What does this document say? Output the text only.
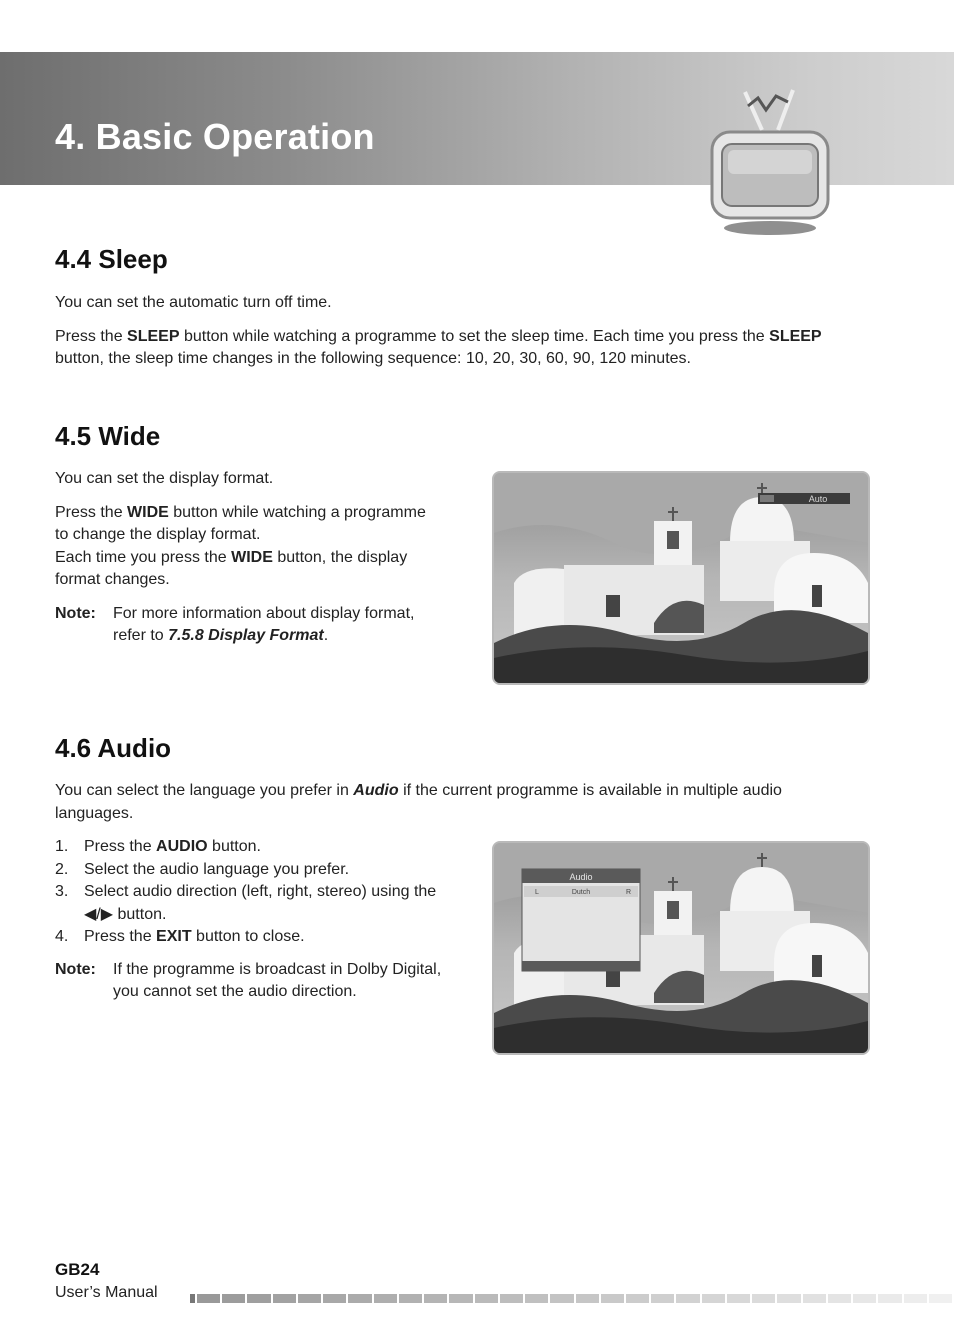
4. Basic Operation
4.4 Sleep

You can set the automatic turn off time.

Press the SLEEP button while watching a programme to set the sleep time. Each time you press the SLEEP

button, the sleep time changes in the following sequence: 10, 20, 30, 60, 90, 120 minutes.

4.5 Wide

You can set the display format.

Press the WIDE button while watching a programme

to change the display format.

Each time you press the WIDE button, the display

format changes.

Note: For more information about display format,
refer to 7.5.8 Display Format.
Auto
4.6 Audio

You can select the language you prefer in Audio if the current programme is available in multiple audio

languages.

1. Press the AUDIO button.
2. Select the audio language you prefer.
3. Select audio direction (left, right, stereo) using the
◀/▶ button.
4. Press the EXIT button to close.
Note: If the programme is broadcast in Dolby Digital,
you cannot set the audio direction.
Audio
L	Dutch	R
GB24
User’s Manual
